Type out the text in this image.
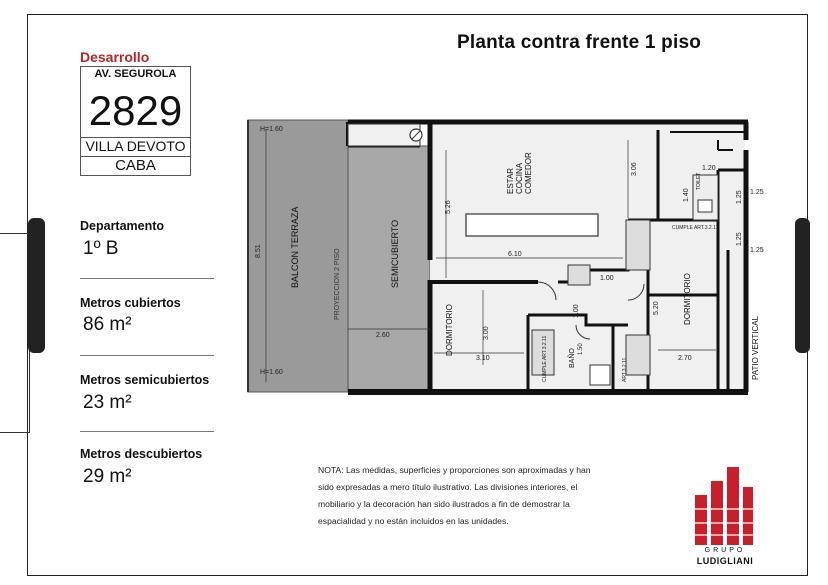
Planta contra frente 1 piso
Desarrollo
AV. SEGUROLA
2829
VILLA DEVOTO
CABA
Departamento
1º B
Metros cubiertos
86 m²
Metros semicubiertos
23 m²
Metros descubiertos
29 m²
H=1.60
H=1.60
8.51	BALCON TERRAZA	PROYECCION 2 PISO	SEMICUBIERTO
2.60
ESTAR COCINA COMEDOR
5.26
6.10
3.06
DORMITORIO	3.00
3.10
DORMITORIO
5.20
2.70
BAÑO
1.00
1.00
1.50	PATIO VERTICAL
TOILET
1.20
1.40	1.25
1.25
1.25
1.25
CUMPLE ART.3.2.11
CUMPLE ART.3.2.11	ART.3.2.11
NOTA: Las medidas, superficies y proporciones son aproximadas y han sido expresadas a mero título ilustrativo. Las divisiones interiores, el mobiliario y la decoración han sido ilustrados a fin de demostrar la espacialidad y no están incluidos en las unidades.
GRUPO
LUDIGLIANI
